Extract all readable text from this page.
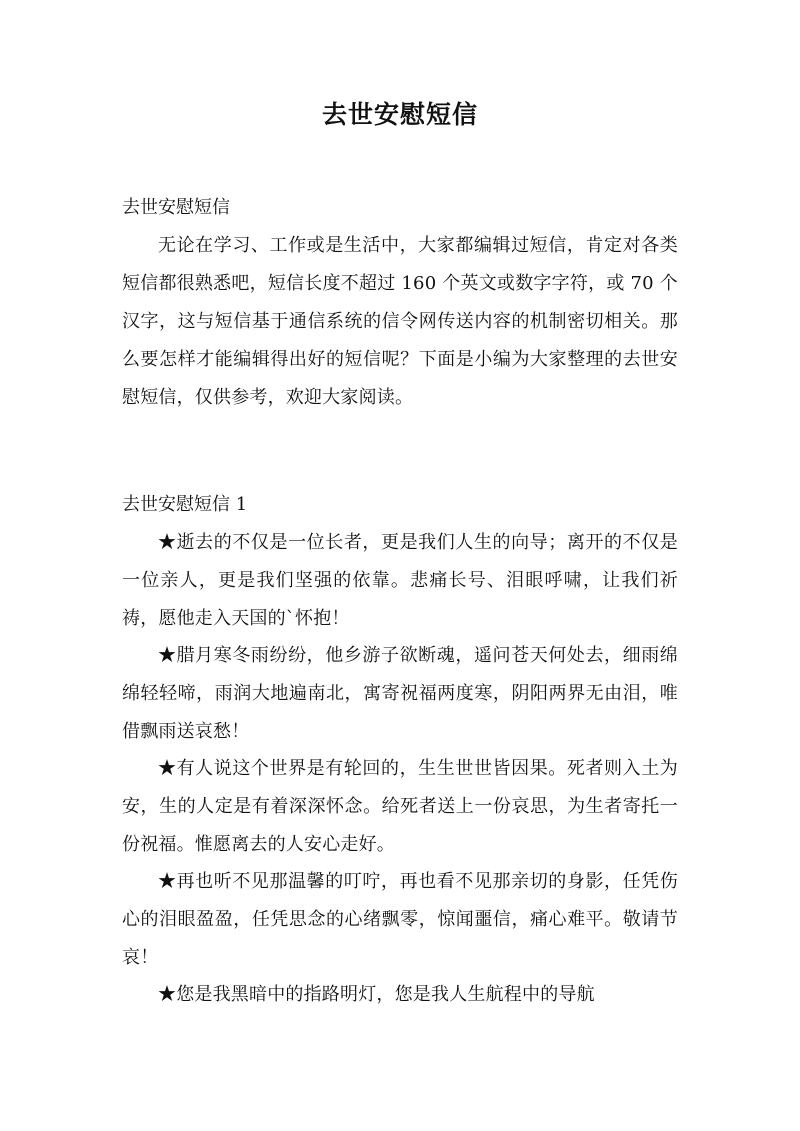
去世安慰短信

去世安慰短信

无论在学习、工作或是生活中，大家都编辑过短信，肯定对各类短信都很熟悉吧，短信长度不超过 160 个英文或数字字符，或 70 个汉字，这与短信基于通信系统的信令网传送内容的机制密切相关。那么要怎样才能编辑得出好的短信呢？下面是小编为大家整理的去世安慰短信，仅供参考，欢迎大家阅读。

去世安慰短信 1

★逝去的不仅是一位长者，更是我们人生的向导；离开的不仅是一位亲人，更是我们坚强的依靠。悲痛长号、泪眼呼啸，让我们祈祷，愿他走入天国的`怀抱！

★腊月寒冬雨纷纷，他乡游子欲断魂，遥问苍天何处去，细雨绵绵轻轻啼，雨润大地遍南北，寓寄祝福两度寒，阴阳两界无由泪，唯借飘雨送哀愁！

★有人说这个世界是有轮回的，生生世世皆因果。死者则入土为安，生的人定是有着深深怀念。给死者送上一份哀思，为生者寄托一份祝福。惟愿离去的人安心走好。

★再也听不见那温馨的叮咛，再也看不见那亲切的身影，任凭伤心的泪眼盈盈，任凭思念的心绪飘零，惊闻噩信，痛心难平。敬请节哀！

★您是我黑暗中的指路明灯，您是我人生航程中的导航
